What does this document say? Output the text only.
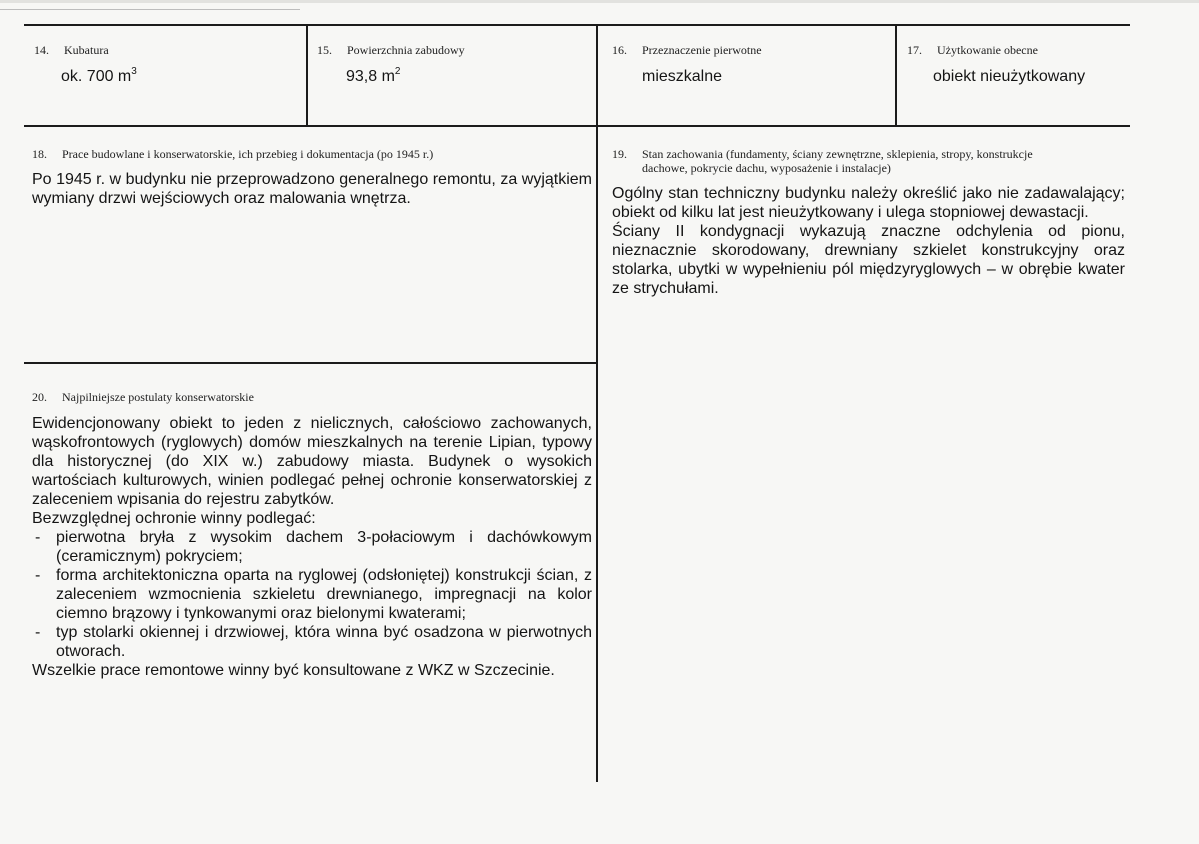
14. Kubatura
ok. 700 $m^3$
15. Powierzchnia zabudowy
93,8 $m^2$
16. Przeznaczenie pierwotne
mieszkalne
17. Użytkowanie obecne
obiekt nieużytkowany
18. Prace budowlane i konserwatorskie, ich przebieg i dokumentacja (po 1945 r.)

Po 1945 r. w budynku nie przeprowadzono generalnego remontu, za wyjątkiem wymiany drzwi wejściowych oraz malowania wnętrza.

19. Stan zachowania (fundamenty, ściany zewnętrzne, sklepienia, stropy, konstrukcje
dachowe, pokrycie dachu, wyposażenie i instalacje)

Ogólny stan techniczny budynku należy określić jako nie zadawalający; obiekt od kilku lat jest nieużytkowany i ulega stopniowej dewastacji.

Ściany II kondygnacji wykazują znaczne odchylenia od pionu, nieznacznie skorodowany, drewniany szkielet konstrukcyjny oraz stolarka, ubytki w wypełnieniu pól międzyryglowych – w obrębie kwater ze strychułami.

20. Najpilniejsze postulaty konserwatorskie

Ewidencjonowany obiekt to jeden z nielicznych, całościowo zachowanych, wąskofrontowych (ryglowych) domów mieszkalnych na terenie Lipian, typowy dla historycznej (do XIX w.) zabudowy miasta. Budynek o wysokich wartościach kulturowych, winien podlegać pełnej ochronie konserwatorskiej z zaleceniem wpisania do rejestru zabytków.

Bezwzględnej ochronie winny podlegać:

- pierwotna bryła z wysokim dachem 3-połaciowym i dachówkowym (ceramicznym) pokryciem;
- forma architektoniczna oparta na ryglowej (odsłoniętej) konstrukcji ścian, z zaleceniem wzmocnienia szkieletu drewnianego, impregnacji na kolor ciemno brązowy i tynkowanymi oraz bielonymi kwaterami;
- typ stolarki okiennej i drzwiowej, która winna być osadzona w pierwotnych otworach.

Wszelkie prace remontowe winny być konsultowane z WKZ w Szczecinie.
